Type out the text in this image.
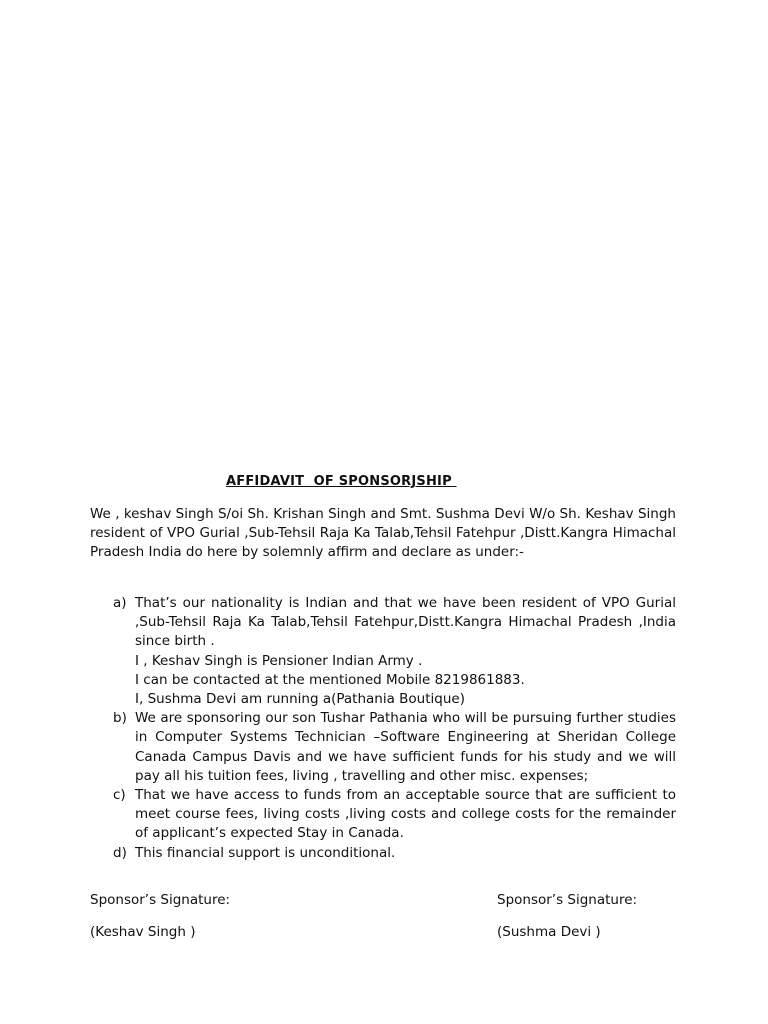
AFFIDAVIT  OF SPONSORJSHIP

We , keshav Singh S/oi Sh. Krishan Singh and Smt. Sushma Devi W/o Sh. Keshav Singh resident of VPO Gurial ,Sub-Tehsil Raja Ka Talab,Tehsil Fatehpur ,Distt.Kangra Himachal Pradesh India do here by solemnly affirm and declare as under:-

a) That’s our nationality is Indian and that we have been resident of VPO Gurial ,Sub-Tehsil Raja Ka Talab,Tehsil Fatehpur,Distt.Kangra Himachal Pradesh ,India since birth .
I , Keshav Singh is Pensioner Indian Army .
I can be contacted at the mentioned Mobile 8219861883.
I, Sushma Devi am running a(Pathania Boutique)
b) We are sponsoring our son Tushar Pathania who will be pursuing further studies in Computer Systems Technician –Software Engineering at Sheridan College Canada Campus Davis and we have sufficient funds for his study and we will pay all his tuition fees, living , travelling and other misc. expenses;
c) That we have access to funds from an acceptable source that are sufficient to meet course fees, living costs ,living costs and college costs for the remainder of applicant’s expected Stay in Canada.
d) This financial support is unconditional.

Sponsor’s Signature:

(Keshav Singh )

Sponsor’s Signature:

(Sushma Devi )
